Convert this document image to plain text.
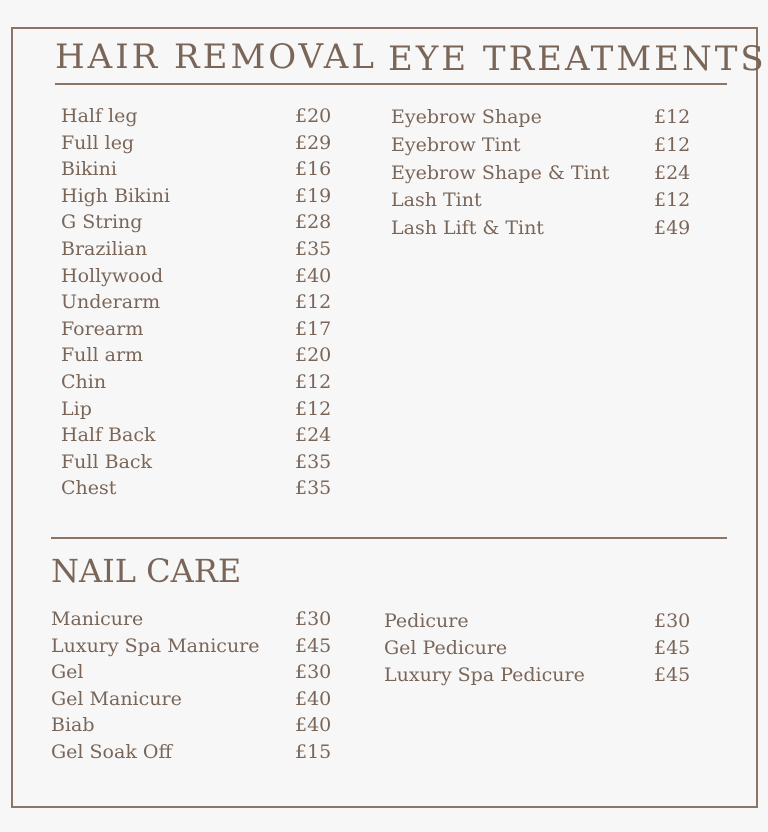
HAIR REMOVAL EYE TREATMENTS
Half leg	£20
Full leg	£29
Bikini	£16
High Bikini	£19
G String	£28
Brazilian	£35
Hollywood	£40
Underarm	£12
Forearm	£17
Full arm	£20
Chin	£12
Lip	£12
Half Back	£24
Full Back	£35
Chest	£35
Eyebrow Shape	£12
Eyebrow Tint	£12
Eyebrow Shape & Tint £24
Lash Tint	£12
Lash Lift & Tint	£49
NAIL CARE
Manicure	£30
Luxury Spa Manicure £45
Gel	£30
Gel Manicure	£40
Biab	£40
Gel Soak Off	£15
Pedicure	£30
Gel Pedicure	£45
Luxury Spa Pedicure	£45
